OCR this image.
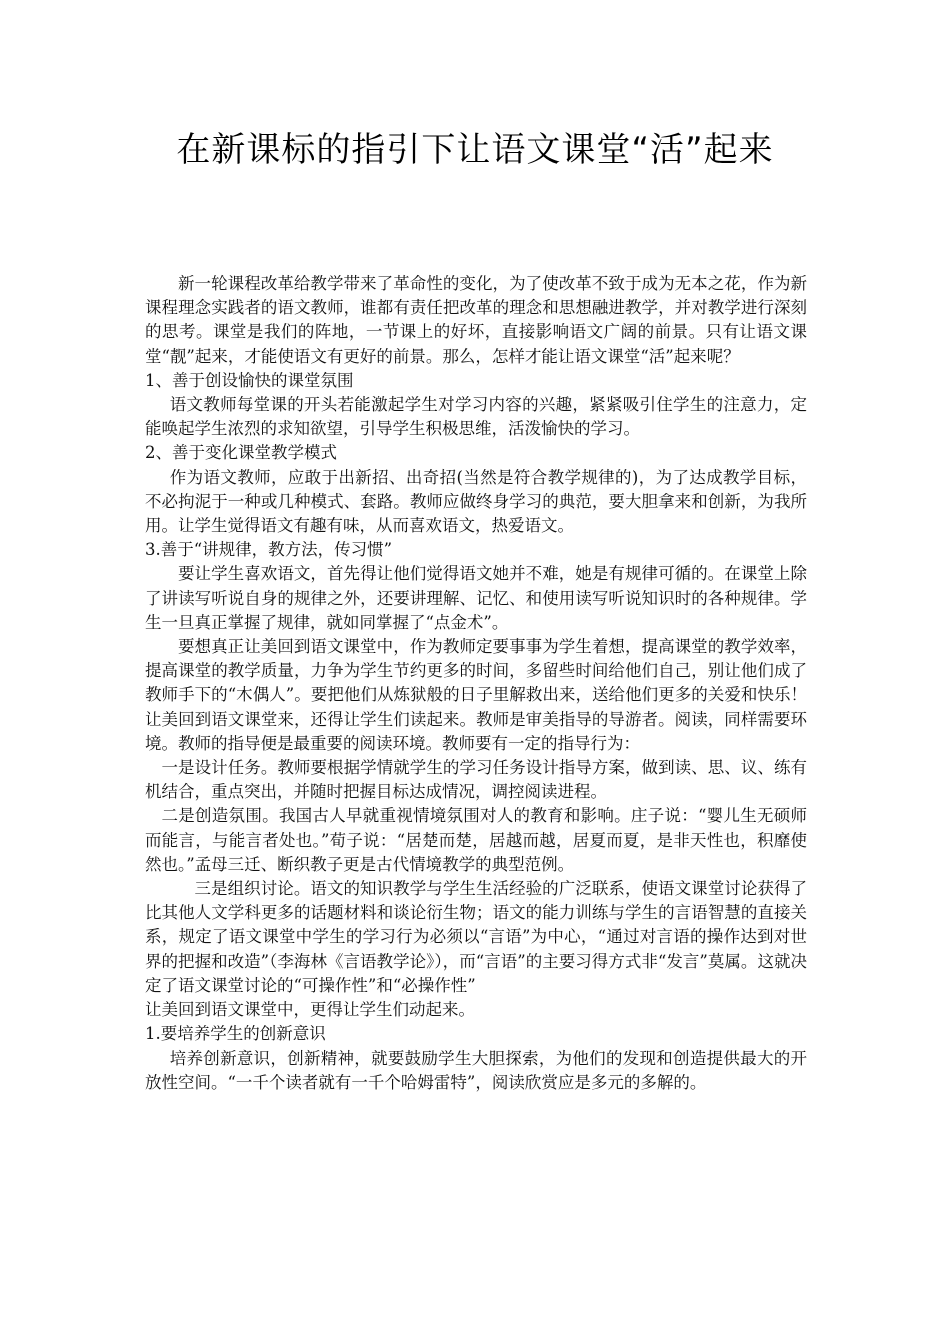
在新课标的指引下让语文课堂“活”起来

新一轮课程改革给教学带来了革命性的变化，为了使改革不致于成为无本之花，作为新课程理念实践者的语文教师，谁都有责任把改革的理念和思想融进教学，并对教学进行深刻的思考。课堂是我们的阵地，一节课上的好坏，直接影响语文广阔的前景。只有让语文课堂“靓”起来，才能使语文有更好的前景。那么，怎样才能让语文课堂“活”起来呢？

1、善于创设愉快的课堂氛围

语文教师每堂课的开头若能激起学生对学习内容的兴趣，紧紧吸引住学生的注意力，定能唤起学生浓烈的求知欲望，引导学生积极思维，活泼愉快的学习。

2、善于变化课堂教学模式

作为语文教师，应敢于出新招、出奇招(当然是符合教学规律的)，为了达成教学目标，不必拘泥于一种或几种模式、套路。教师应做终身学习的典范，要大胆拿来和创新，为我所用。让学生觉得语文有趣有味，从而喜欢语文，热爱语文。

3.善于“讲规律，教方法，传习惯”

要让学生喜欢语文，首先得让他们觉得语文她并不难，她是有规律可循的。在课堂上除了讲读写听说自身的规律之外，还要讲理解、记忆、和使用读写听说知识时的各种规律。学生一旦真正掌握了规律，就如同掌握了“点金术”。

要想真正让美回到语文课堂中，作为教师定要事事为学生着想，提高课堂的教学效率，提高课堂的教学质量，力争为学生节约更多的时间，多留些时间给他们自己，别让他们成了教师手下的“木偶人”。要把他们从炼狱般的日子里解救出来，送给他们更多的关爱和快乐！　让美回到语文课堂来，还得让学生们读起来。教师是审美指导的导游者。阅读，同样需要环境。教师的指导便是最重要的阅读环境。教师要有一定的指导行为：

一是设计任务。教师要根据学情就学生的学习任务设计指导方案，做到读、思、议、练有机结合，重点突出，并随时把握目标达成情况，调控阅读进程。

二是创造氛围。我国古人早就重视情境氛围对人的教育和影响。庄子说：“婴儿生无硕师而能言，与能言者处也。”荀子说：“居楚而楚，居越而越，居夏而夏，是非天性也，积靡使然也。”孟母三迁、断织教子更是古代情境教学的典型范例。

三是组织讨论。语文的知识教学与学生生活经验的广泛联系，使语文课堂讨论获得了比其他人文学科更多的话题材料和谈论衍生物；语文的能力训练与学生的言语智慧的直接关系，规定了语文课堂中学生的学习行为必须以“言语”为中心，“通过对言语的操作达到对世界的把握和改造”（李海林《言语教学论》），而“言语”的主要习得方式非“发言”莫属。这就决定了语文课堂讨论的“可操作性”和“必操作性”

让美回到语文课堂中，更得让学生们动起来。

1.要培养学生的创新意识

培养创新意识，创新精神，就要鼓励学生大胆探索，为他们的发现和创造提供最大的开放性空间。“一千个读者就有一千个哈姆雷特”，阅读欣赏应是多元的多解的。
